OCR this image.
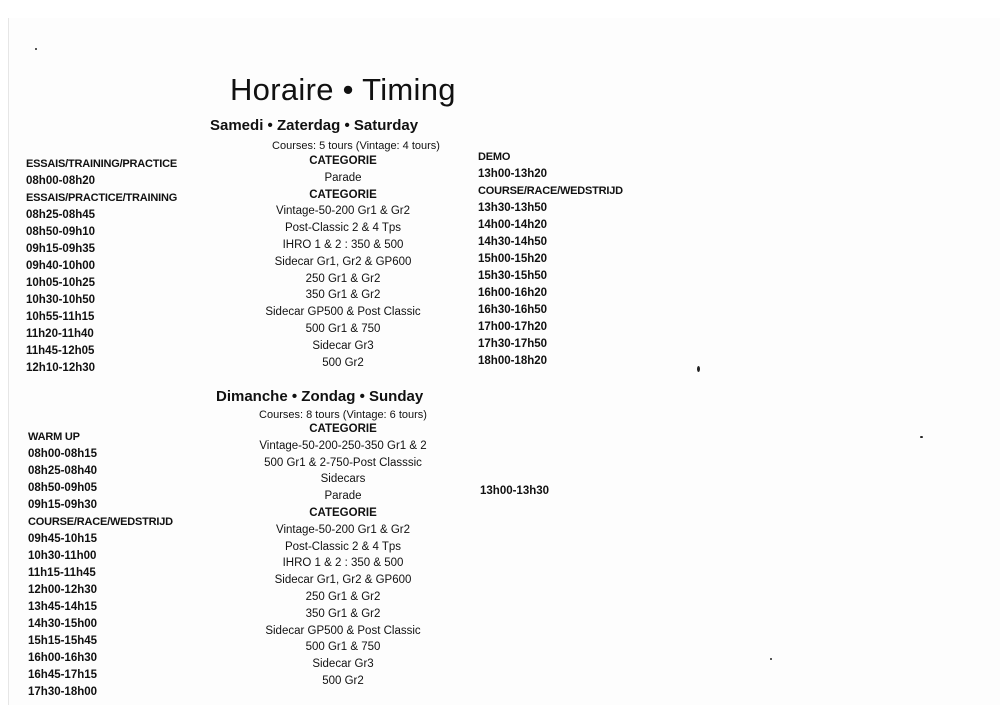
Horaire • Timing
Samedi • Zaterdag • Saturday
Courses: 5 tours (Vintage: 4 tours)
CATEGORIE
Parade
CATEGORIE
Vintage-50-200 Gr1 & Gr2
Post-Classic 2 & 4 Tps
IHRO 1 & 2 : 350 & 500
Sidecar Gr1, Gr2 & GP600
250 Gr1 & Gr2
350 Gr1 & Gr2
Sidecar GP500 & Post Classic
500 Gr1 & 750
Sidecar Gr3
500 Gr2
ESSAIS/TRAINING/PRACTICE
08h00-08h20
ESSAIS/PRACTICE/TRAINING
08h25-08h45
08h50-09h10
09h15-09h35
09h40-10h00
10h05-10h25
10h30-10h50
10h55-11h15
11h20-11h40
11h45-12h05
12h10-12h30
DEMO
13h00-13h20
COURSE/RACE/WEDSTRIJD
13h30-13h50
14h00-14h20
14h30-14h50
15h00-15h20
15h30-15h50
16h00-16h20
16h30-16h50
17h00-17h20
17h30-17h50
18h00-18h20
Dimanche • Zondag • Sunday
Courses: 8 tours (Vintage: 6 tours)
CATEGORIE
Vintage-50-200-250-350 Gr1 & 2
500 Gr1 & 2-750-Post Classsic
Sidecars
Parade
CATEGORIE
Vintage-50-200 Gr1 & Gr2
Post-Classic 2 & 4 Tps
IHRO 1 & 2 : 350 & 500
Sidecar Gr1, Gr2 & GP600
250 Gr1 & Gr2
350 Gr1 & Gr2
Sidecar GP500 & Post Classic
500 Gr1 & 750
Sidecar Gr3
500 Gr2
WARM UP
08h00-08h15
08h25-08h40
08h50-09h05
09h15-09h30
COURSE/RACE/WEDSTRIJD
09h45-10h15
10h30-11h00
11h15-11h45
12h00-12h30
13h45-14h15
14h30-15h00
15h15-15h45
16h00-16h30
16h45-17h15
17h30-18h00
13h00-13h30
